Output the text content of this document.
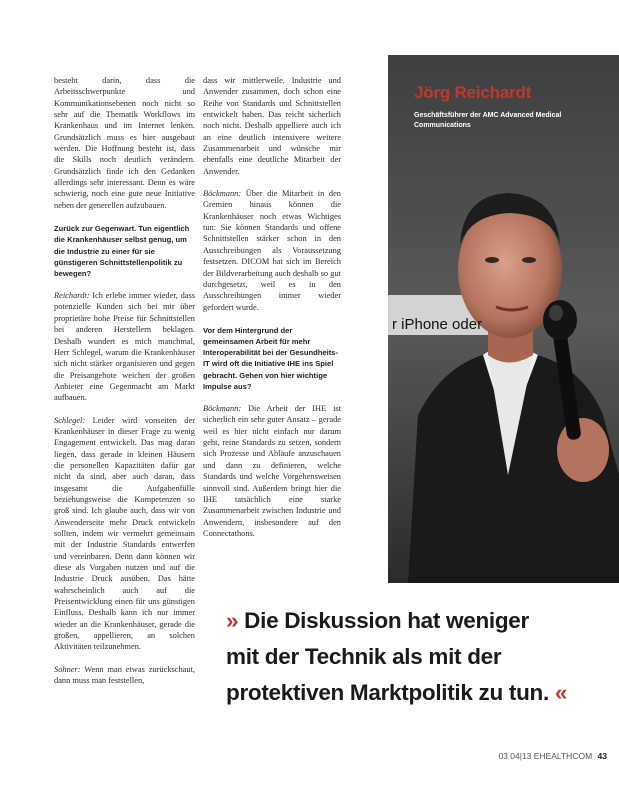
besteht darin, dass die Arbeitsschwerpunkte und Kommunikationsebenen noch nicht so sehr auf die Thematik Workflows im Krankenhaus und im Internet lenken. Grundsätzlich muss es hier ausgebaut werden. Die Hoffnung besteht ist, dass die Skills noch deutlich verändern. Grundsätzlich finde ich den Gedanken allerdings sehr interessant. Denn es wäre schwierig, noch eine gute neue Initiative neben der generellen aufzubauen.

Zurück zur Gegenwart. Tun eigentlich die Krankenhäuser selbst genug, um die Industrie zu einer für sie günstigeren Schnittstellenpolitik zu bewegen?

Reichardt: Ich erlebe immer wieder, dass potenzielle Kunden sich bei mir über proprietäre hohe Preise für Schnittstellen bei anderen Herstellern beklagen. Deshalb wundert es mich manchmal, Herr Schlegel, warum die Krankenhäuser sich nicht stärker organisieren und gegen die Preisangebote weichen der großen Anbieter eine Gegenmacht am Markt aufbauen.

Schlegel: Leider wird vonseiten der Krankenhäuser in dieser Frage zu wenig Engagement entwickelt. Das mag daran liegen, dass gerade in kleinen Häusern die personellen Kapazitäten dafür gar nicht da sind, aber auch daran, dass insgesamt die Aufgabenfülle beziehungsweise die Kompetenzen so groß sind. Ich glaube auch, dass wir von Anwenderseite mehr Druck entwickeln sollten, indem wir vermehrt gemeinsam mit der Industrie Standards entwerfen und vereinbaren. Denn dann können wir diese als Vorgaben nutzen und auf die Industrie Druck ausüben. Das hätte wahrscheinlich auch auf die Preisentwicklung einen für uns günstigen Einfluss. Deshalb kann ich nur immer wieder an die Krankenhäuser, gerade die großen, appellieren, an solchen Aktivitäten teilzunehmen.

Sohner: Wenn man etwas zurückschaut, dann muss man feststellen,

dass wir mittlerweile, Industrie und Anwender zusammen, doch schon eine Reihe von Standards und Schnittstellen entwickelt haben. Das reicht sicherlich noch nicht. Deshalb appelliere auch ich an eine deutlich intensivere weitere Zusammenarbeit und wünsche mir ebenfalls eine deutliche Mitarbeit der Anwender.

Böckmann: Über die Mitarbeit in den Gremien hinaus können die Krankenhäuser noch etwas Wichtiges tun: Sie können Standards und offene Schnittstellen stärker schon in den Ausschreibungen als Voraussetzung festsetzen. DICOM hat sich im Bereich der Bildverarbeitung auch deshalb so gut durchgesetzt, weil es in den Ausschreibungen immer wieder gefordert wurde.

Vor dem Hintergrund der gemeinsamen Arbeit für mehr Interoperabilität bei der Gesundheits-IT wird oft die Initiative IHE ins Spiel gebracht. Gehen von hier wichtige Impulse aus?

Böckmann: Die Arbeit der IHE ist sicherlich ein sehr guter Ansatz – gerade weil es hier nicht einfach nur darum geht, reine Standards zu setzen, sondern sich Prozesse und Abläufe anzuschauen und dann zu definieren, welche Standards und welche Vorgehensweisen sinnvoll sind. Außerdem bringt hier die IHE tatsächlich eine starke Zusammenarbeit zwischen Industrie und Anwendern, insbesondere auf den Connectathons.

r iPhone oder
Jörg Reichardt
Geschäftsführer der AMC Advanced Medical Communications
» Die Diskussion hat weniger
mit der Technik als mit der
protektiven Marktpolitik zu tun. «
03 04|13 EHEALTHCOM 43
